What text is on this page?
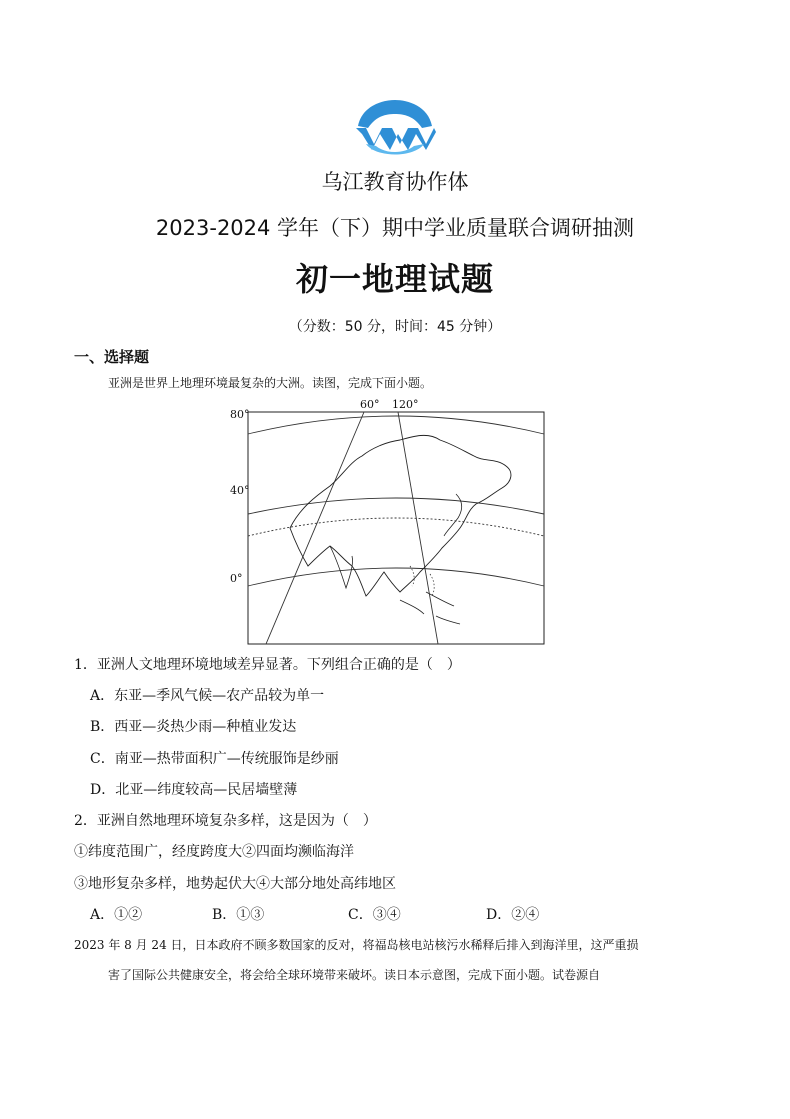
乌江教育协作体
2023-2024 学年（下）期中学业质量联合调研抽测
初一地理试题
（分数：50 分，时间：45 分钟）
一、选择题
亚洲是世界上地理环境最复杂的大洲。读图，完成下面小题。
80°
40°
0°
60° 120°
1．亚洲人文地理环境地域差异显著。下列组合正确的是（　）
A．东亚—季风气候—农产品较为单一
B．西亚—炎热少雨—种植业发达
C．南亚—热带面积广—传统服饰是纱丽
D．北亚—纬度较高—民居墙壁薄
2．亚洲自然地理环境复杂多样，这是因为（　）
①纬度范围广，经度跨度大②四面均濒临海洋
③地形复杂多样，地势起伏大④大部分地处高纬地区
A．①②	B．①③	C．③④	D．②④
2023 年 8 月 24 日，日本政府不顾多数国家的反对，将福岛核电站核污水稀释后排入到海洋里，这严重损
害了国际公共健康安全，将会给全球环境带来破坏。读日本示意图，完成下面小题。试卷源自
